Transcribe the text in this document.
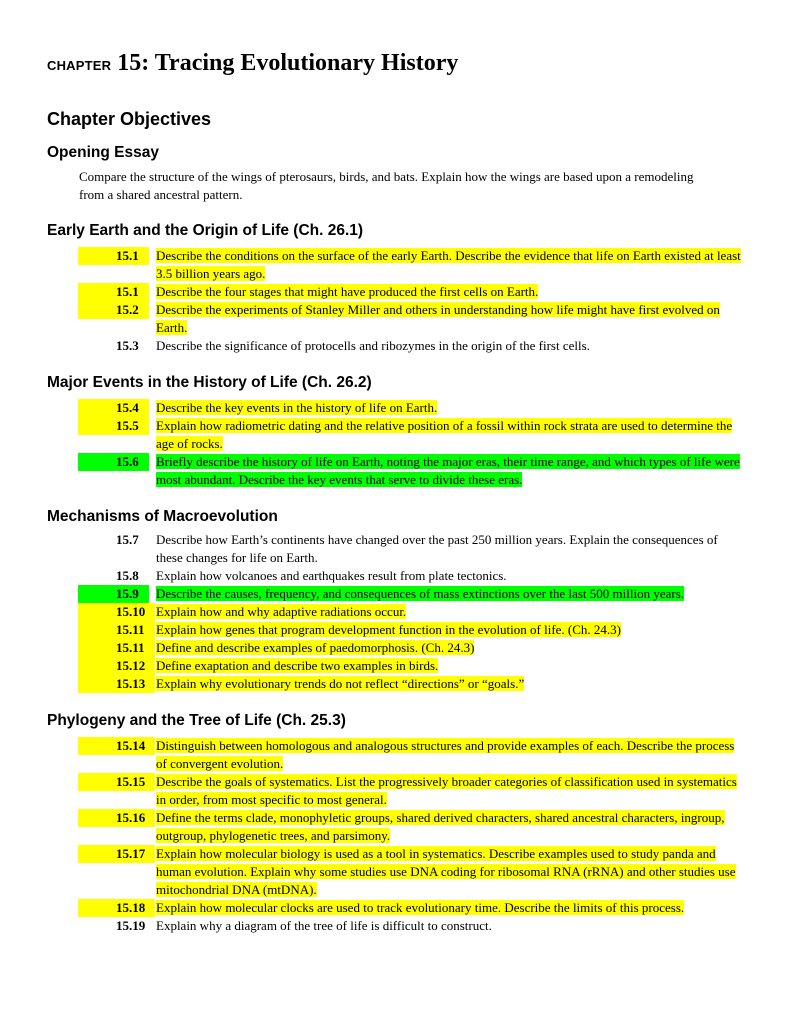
CHAPTER 15: Tracing Evolutionary History
Chapter Objectives
Opening Essay

Compare the structure of the wings of pterosaurs, birds, and bats. Explain how the wings are based upon a remodeling from a shared ancestral pattern.

Early Earth and the Origin of Life (Ch. 26.1)
15.1	Describe the conditions on the surface of the early Earth. Describe the evidence that life on Earth existed at least 3.5 billion years ago.
15.1	Describe the four stages that might have produced the first cells on Earth.
15.2	Describe the experiments of Stanley Miller and others in understanding how life might have first evolved on Earth.
15.3 Describe the significance of protocells and ribozymes in the origin of the first cells.
Major Events in the History of Life (Ch. 26.2)
15.4	Describe the key events in the history of life on Earth.
15.5	Explain how radiometric dating and the relative position of a fossil within rock strata are used to determine the age of rocks.
15.6	Briefly describe the history of life on Earth, noting the major eras, their time range, and which types of life were most abundant. Describe the key events that serve to divide these eras.
Mechanisms of Macroevolution
15.7 Describe how Earth’s continents have changed over the past 250 million years. Explain the consequences of these changes for life on Earth.
15.8 Explain how volcanoes and earthquakes result from plate tectonics.
15.9	Describe the causes, frequency, and consequences of mass extinctions over the last 500 million years.
15.10 Explain how and why adaptive radiations occur.
15.11 Explain how genes that program development function in the evolution of life. (Ch. 24.3)
15.11 Define and describe examples of paedomorphosis. (Ch. 24.3)
15.12 Define exaptation and describe two examples in birds.
15.13 Explain why evolutionary trends do not reflect “directions” or “goals.”
Phylogeny and the Tree of Life (Ch. 25.3)
15.14 Distinguish between homologous and analogous structures and provide examples of each. Describe the process of convergent evolution.
15.15 Describe the goals of systematics. List the progressively broader categories of classification used in systematics in order, from most specific to most general.
15.16 Define the terms clade, monophyletic groups, shared derived characters, shared ancestral characters, ingroup, outgroup, phylogenetic trees, and parsimony.
15.17 Explain how molecular biology is used as a tool in systematics. Describe examples used to study panda and human evolution. Explain why some studies use DNA coding for ribosomal RNA (rRNA) and other studies use mitochondrial DNA (mtDNA).
15.18 Explain how molecular clocks are used to track evolutionary time. Describe the limits of this process.
15.19 Explain why a diagram of the tree of life is difficult to construct.
